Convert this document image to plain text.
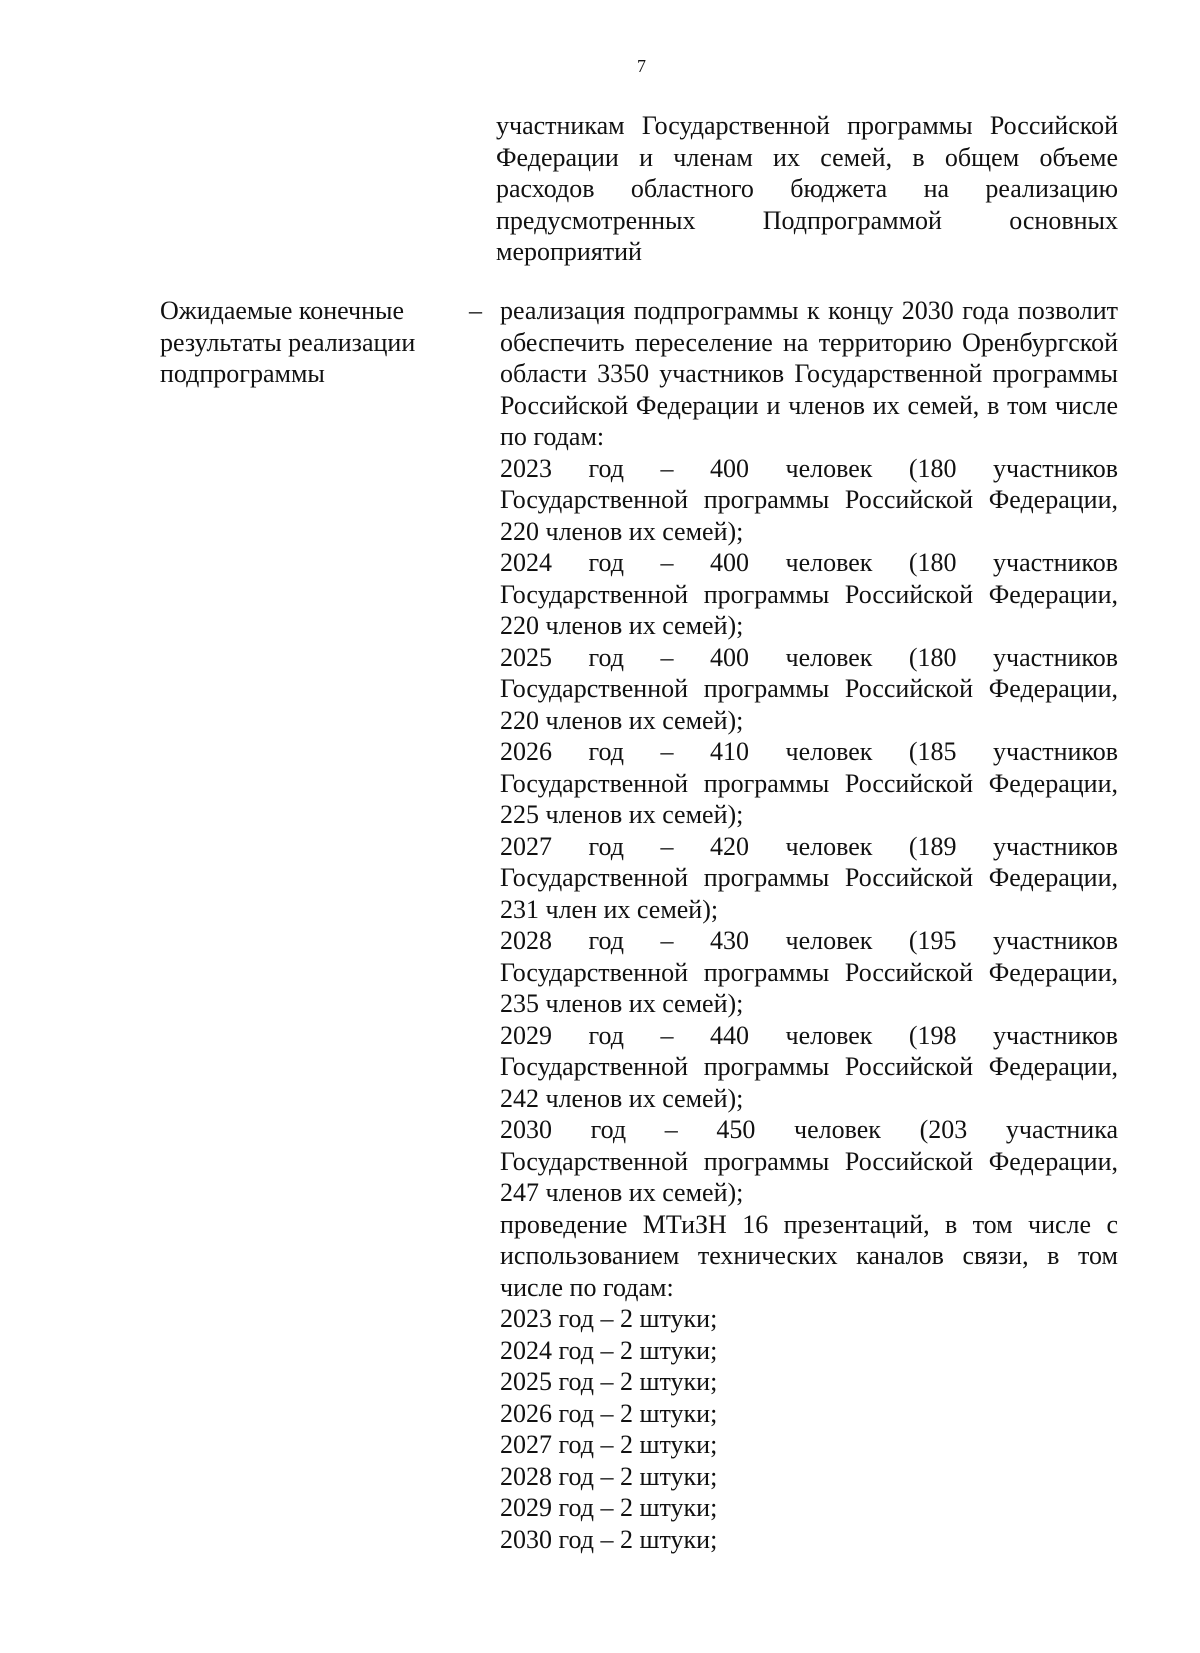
7

участникам Государственной программы Российской Федерации и членам их семей, в общем объеме расходов областного бюджета на реализацию предусмотренных Подпрограммой основных мероприятий

Ожидаемые конечные результаты реализации подпрограммы
– реализация подпрограммы к концу 2030 года позволит обеспечить переселение на территорию Оренбургской области 3350 участников Государственной программы Российской Федерации и членов их семей, в том числе по годам:

2023 год – 400 человек (180 участников Государственной программы Российской Федерации, 220 членов их семей);

2024 год – 400 человек (180 участников Государственной программы Российской Федерации, 220 членов их семей);

2025 год – 400 человек (180 участников Государственной программы Российской Федерации, 220 членов их семей);

2026 год – 410 человек (185 участников Государственной программы Российской Федерации, 225 членов их семей);

2027 год – 420 человек (189 участников Государственной программы Российской Федерации, 231 член их семей);

2028 год – 430 человек (195 участников Государственной программы Российской Федерации, 235 членов их семей);

2029 год – 440 человек (198 участников Государственной программы Российской Федерации, 242 членов их семей);

2030 год – 450 человек (203 участника Государственной программы Российской Федерации, 247 членов их семей);

проведение МТиЗН 16 презентаций, в том числе с использованием технических каналов связи, в том числе по годам:

2023 год – 2 штуки;

2024 год – 2 штуки;

2025 год – 2 штуки;

2026 год – 2 штуки;

2027 год – 2 штуки;

2028 год – 2 штуки;

2029 год – 2 штуки;

2030 год – 2 штуки;
